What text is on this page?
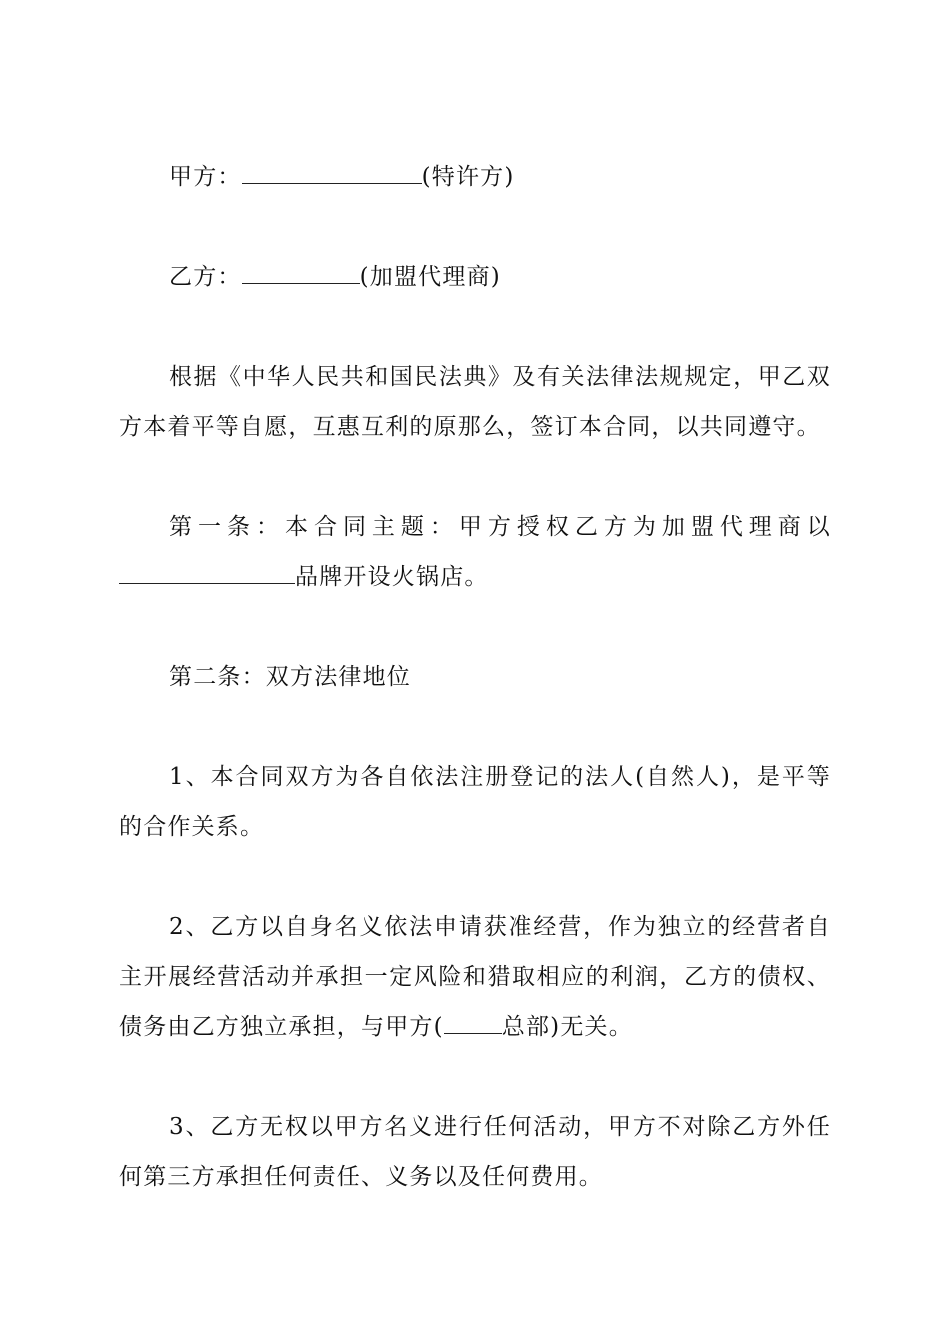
甲方：	(特许方)

乙方：	(加盟代理商)

根据《中华人民共和国民法典》及有关法律法规规定，甲乙双方本着平等自愿，互惠互利的原那么，签订本合同，以共同遵守。

第一条：本合同主题：甲方授权乙方为加盟代理商以品牌开设火锅店。

第二条：双方法律地位

1、本合同双方为各自依法注册登记的法人(自然人)，是平等的合作关系。

2、乙方以自身名义依法申请获准经营，作为独立的经营者自主开展经营活动并承担一定风险和猎取相应的利润，乙方的债权、债务由乙方独立承担，与甲方(	总部)无关。

3、乙方无权以甲方名义进行任何活动，甲方不对除乙方外任何第三方承担任何责任、义务以及任何费用。
